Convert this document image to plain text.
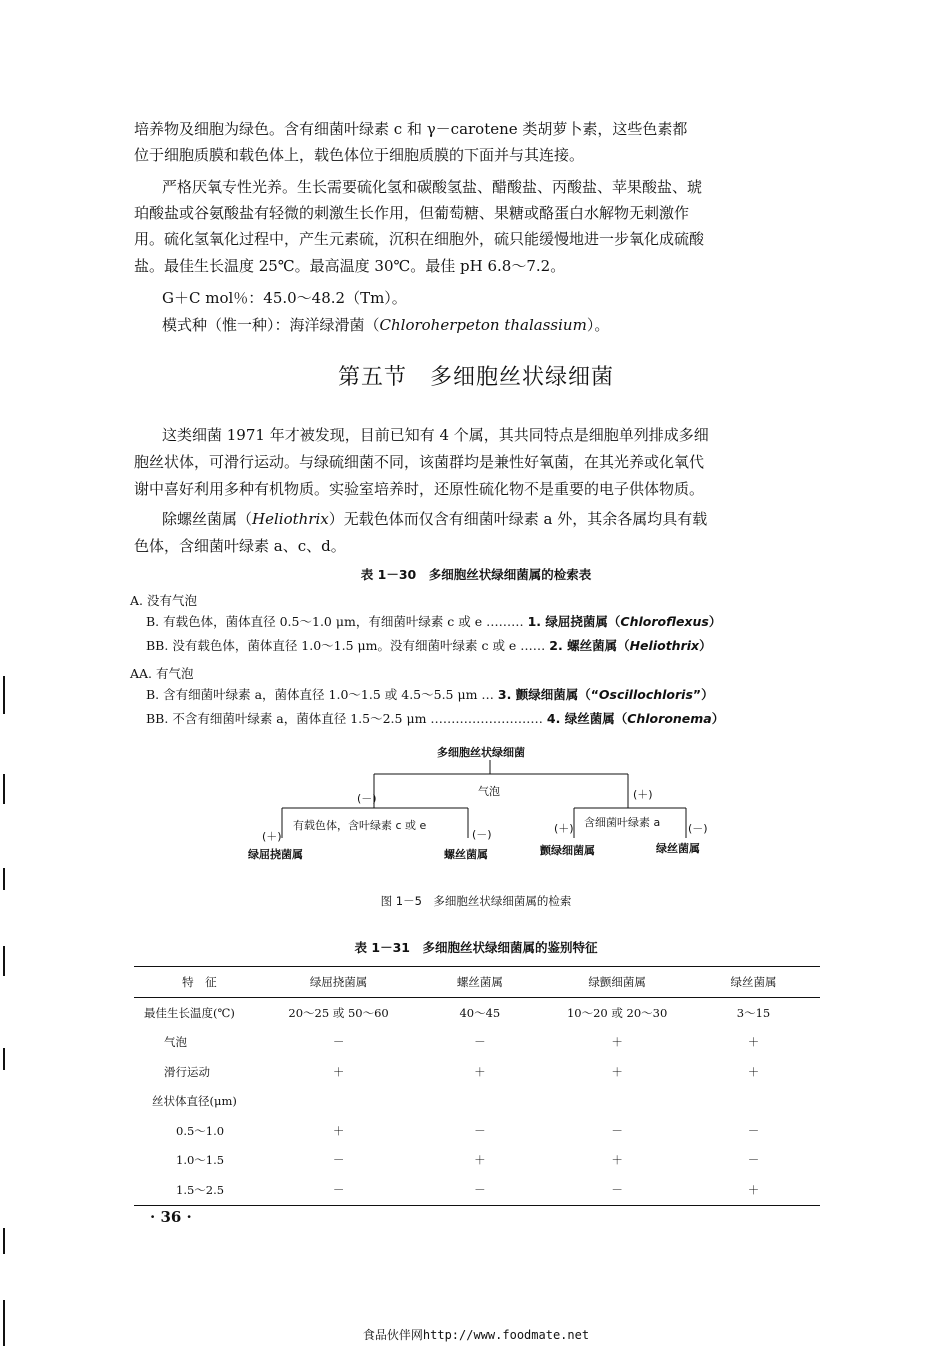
培养物及细胞为绿色。含有细菌叶绿素 c 和 γ－carotene 类胡萝卜素，这些色素都
位于细胞质膜和载色体上，载色体位于细胞质膜的下面并与其连接。
严格厌氧专性光养。生长需要硫化氢和碳酸氢盐、醋酸盐、丙酸盐、苹果酸盐、琥
珀酸盐或谷氨酸盐有轻微的刺激生长作用，但葡萄糖、果糖或酪蛋白水解物无刺激作
用。硫化氢氧化过程中，产生元素硫，沉积在细胞外，硫只能缓慢地进一步氧化成硫酸
盐。最佳生长温度 25℃。最高温度 30℃。最佳 pH 6.8～7.2。
G＋C mol％：45.0～48.2（Tm）。
模式种（惟一种）：海洋绿滑菌（Chloroherpeton thalassium）。
第五节　多细胞丝状绿细菌
这类细菌 1971 年才被发现，目前已知有 4 个属，其共同特点是细胞单列排成多细
胞丝状体，可滑行运动。与绿硫细菌不同，该菌群均是兼性好氧菌，在其光养或化氧代
谢中喜好利用多种有机物质。实验室培养时，还原性硫化物不是重要的电子供体物质。
除螺丝菌属（Heliothrix）无载色体而仅含有细菌叶绿素 a 外，其余各属均具有载
色体，含细菌叶绿素 a、c、d。
表 1－30　多细胞丝状绿细菌属的检索表
A. 没有气泡
B. 有载色体，菌体直径 0.5～1.0 μm，有细菌叶绿素 c 或 e ……… 1. 绿屈挠菌属（Chloroflexus）
BB. 没有载色体，菌体直径 1.0～1.5 μm。没有细菌叶绿素 c 或 e …… 2. 螺丝菌属（Heliothrix）
AA. 有气泡
B. 含有细菌叶绿素 a，菌体直径 1.0～1.5 或 4.5～5.5 μm … 3. 颤绿细菌属（“Oscillochloris”）
BB. 不含有细菌叶绿素 a，菌体直径 1.5～2.5 μm ……………………… 4. 绿丝菌属（Chloronema）
多细胞丝状绿细菌
气泡
(－)	(＋)
有载色体，含叶绿素 c 或 e
(＋)	(－)
含细菌叶绿素 a
(＋)	(－)
绿屈挠菌属	螺丝菌属	颤绿细菌属	绿丝菌属
图 1－5　多细胞丝状绿细菌属的检索
表 1－31　多细胞丝状绿细菌属的鉴别特征
特　征	绿屈挠菌属	螺丝菌属	绿颤细菌属	绿丝菌属
最佳生长温度(℃)	20～25 或 50～60	40～45	10～20 或 20～30	3～15
气泡	－	－	＋	＋
滑行运动	＋	＋	＋	＋
丝状体直径(μm)				
0.5～1.0	＋	－	－	－
1.0～1.5	－	＋	＋	－
1.5～2.5	－	－	－	＋
· 36 ·
食品伙伴网http://www.foodmate.net
